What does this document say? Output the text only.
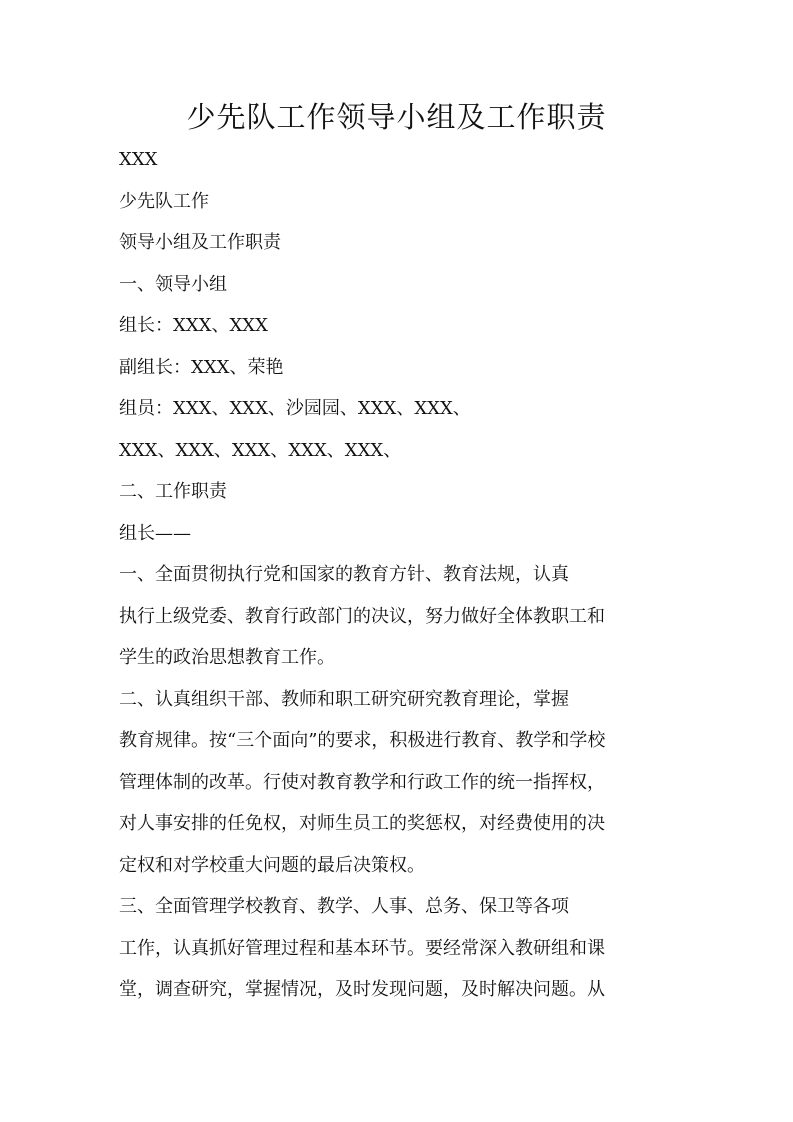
少先队工作领导小组及工作职责
XXX
少先队工作
领导小组及工作职责
一、领导小组
组长：XXX、XXX
副组长：XXX、荣艳
组员：XXX、XXX、沙园园、XXX、XXX、
XXX、XXX、XXX、XXX、XXX、
二、工作职责
组长——
一、全面贯彻执行党和国家的教育方针、教育法规，认真
执行上级党委、教育行政部门的决议，努力做好全体教职工和
学生的政治思想教育工作。
二、认真组织干部、教师和职工研究研究教育理论，掌握
教育规律。按“三个面向”的要求，积极进行教育、教学和学校
管理体制的改革。行使对教育教学和行政工作的统一指挥权，
对人事安排的任免权，对师生员工的奖惩权，对经费使用的决
定权和对学校重大问题的最后决策权。
三、全面管理学校教育、教学、人事、总务、保卫等各项
工作，认真抓好管理过程和基本环节。要经常深入教研组和课
堂，调查研究，掌握情况，及时发现问题，及时解决问题。从
